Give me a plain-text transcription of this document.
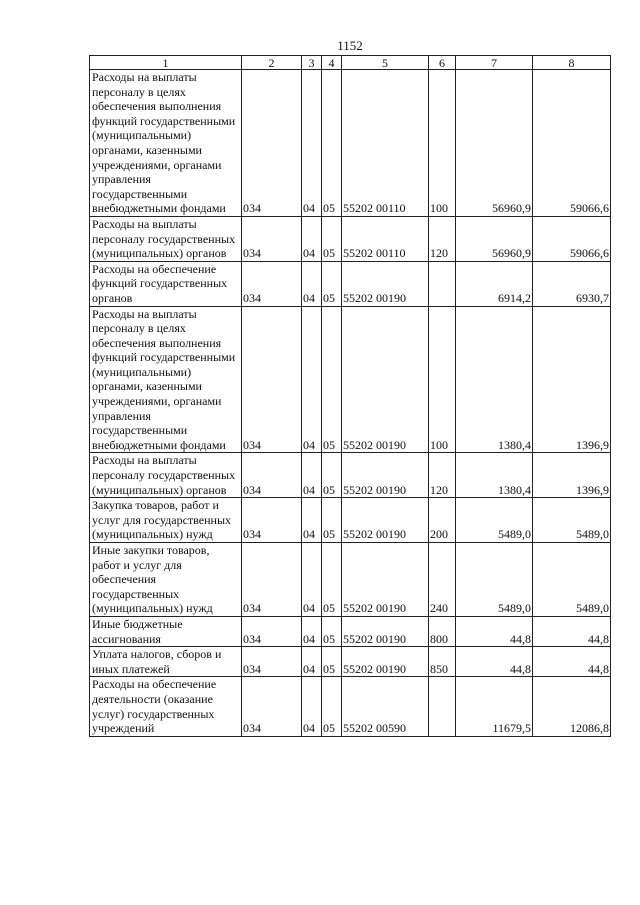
1152
1	2	3	4	5	6	7	8
Расходы на выплаты персоналу в целях обеспечения выполнения функций государственными (муниципальными) органами, казенными учреждениями, органами управления государственными внебюджетными фондами	034	04	05	55202 00110	100	56960,9	59066,6
Расходы на выплаты персоналу государственных (муниципальных) органов	034	04	05	55202 00110	120	56960,9	59066,6
Расходы на обеспечение функций государственных органов	034	04	05	55202 00190		6914,2	6930,7
Расходы на выплаты персоналу в целях обеспечения выполнения функций государственными (муниципальными) органами, казенными учреждениями, органами управления государственными внебюджетными фондами	034	04	05	55202 00190	100	1380,4	1396,9
Расходы на выплаты персоналу государственных (муниципальных) органов	034	04	05	55202 00190	120	1380,4	1396,9
Закупка товаров, работ и услуг для государственных (муниципальных) нужд	034	04	05	55202 00190	200	5489,0	5489,0
Иные закупки товаров, работ и услуг для обеспечения государственных (муниципальных) нужд	034	04	05	55202 00190	240	5489,0	5489,0
Иные бюджетные ассигнования	034	04	05	55202 00190	800	44,8	44,8
Уплата налогов, сборов и иных платежей	034	04	05	55202 00190	850	44,8	44,8
Расходы на обеспечение деятельности (оказание услуг) государственных учреждений	034	04	05	55202 00590		11679,5	12086,8
